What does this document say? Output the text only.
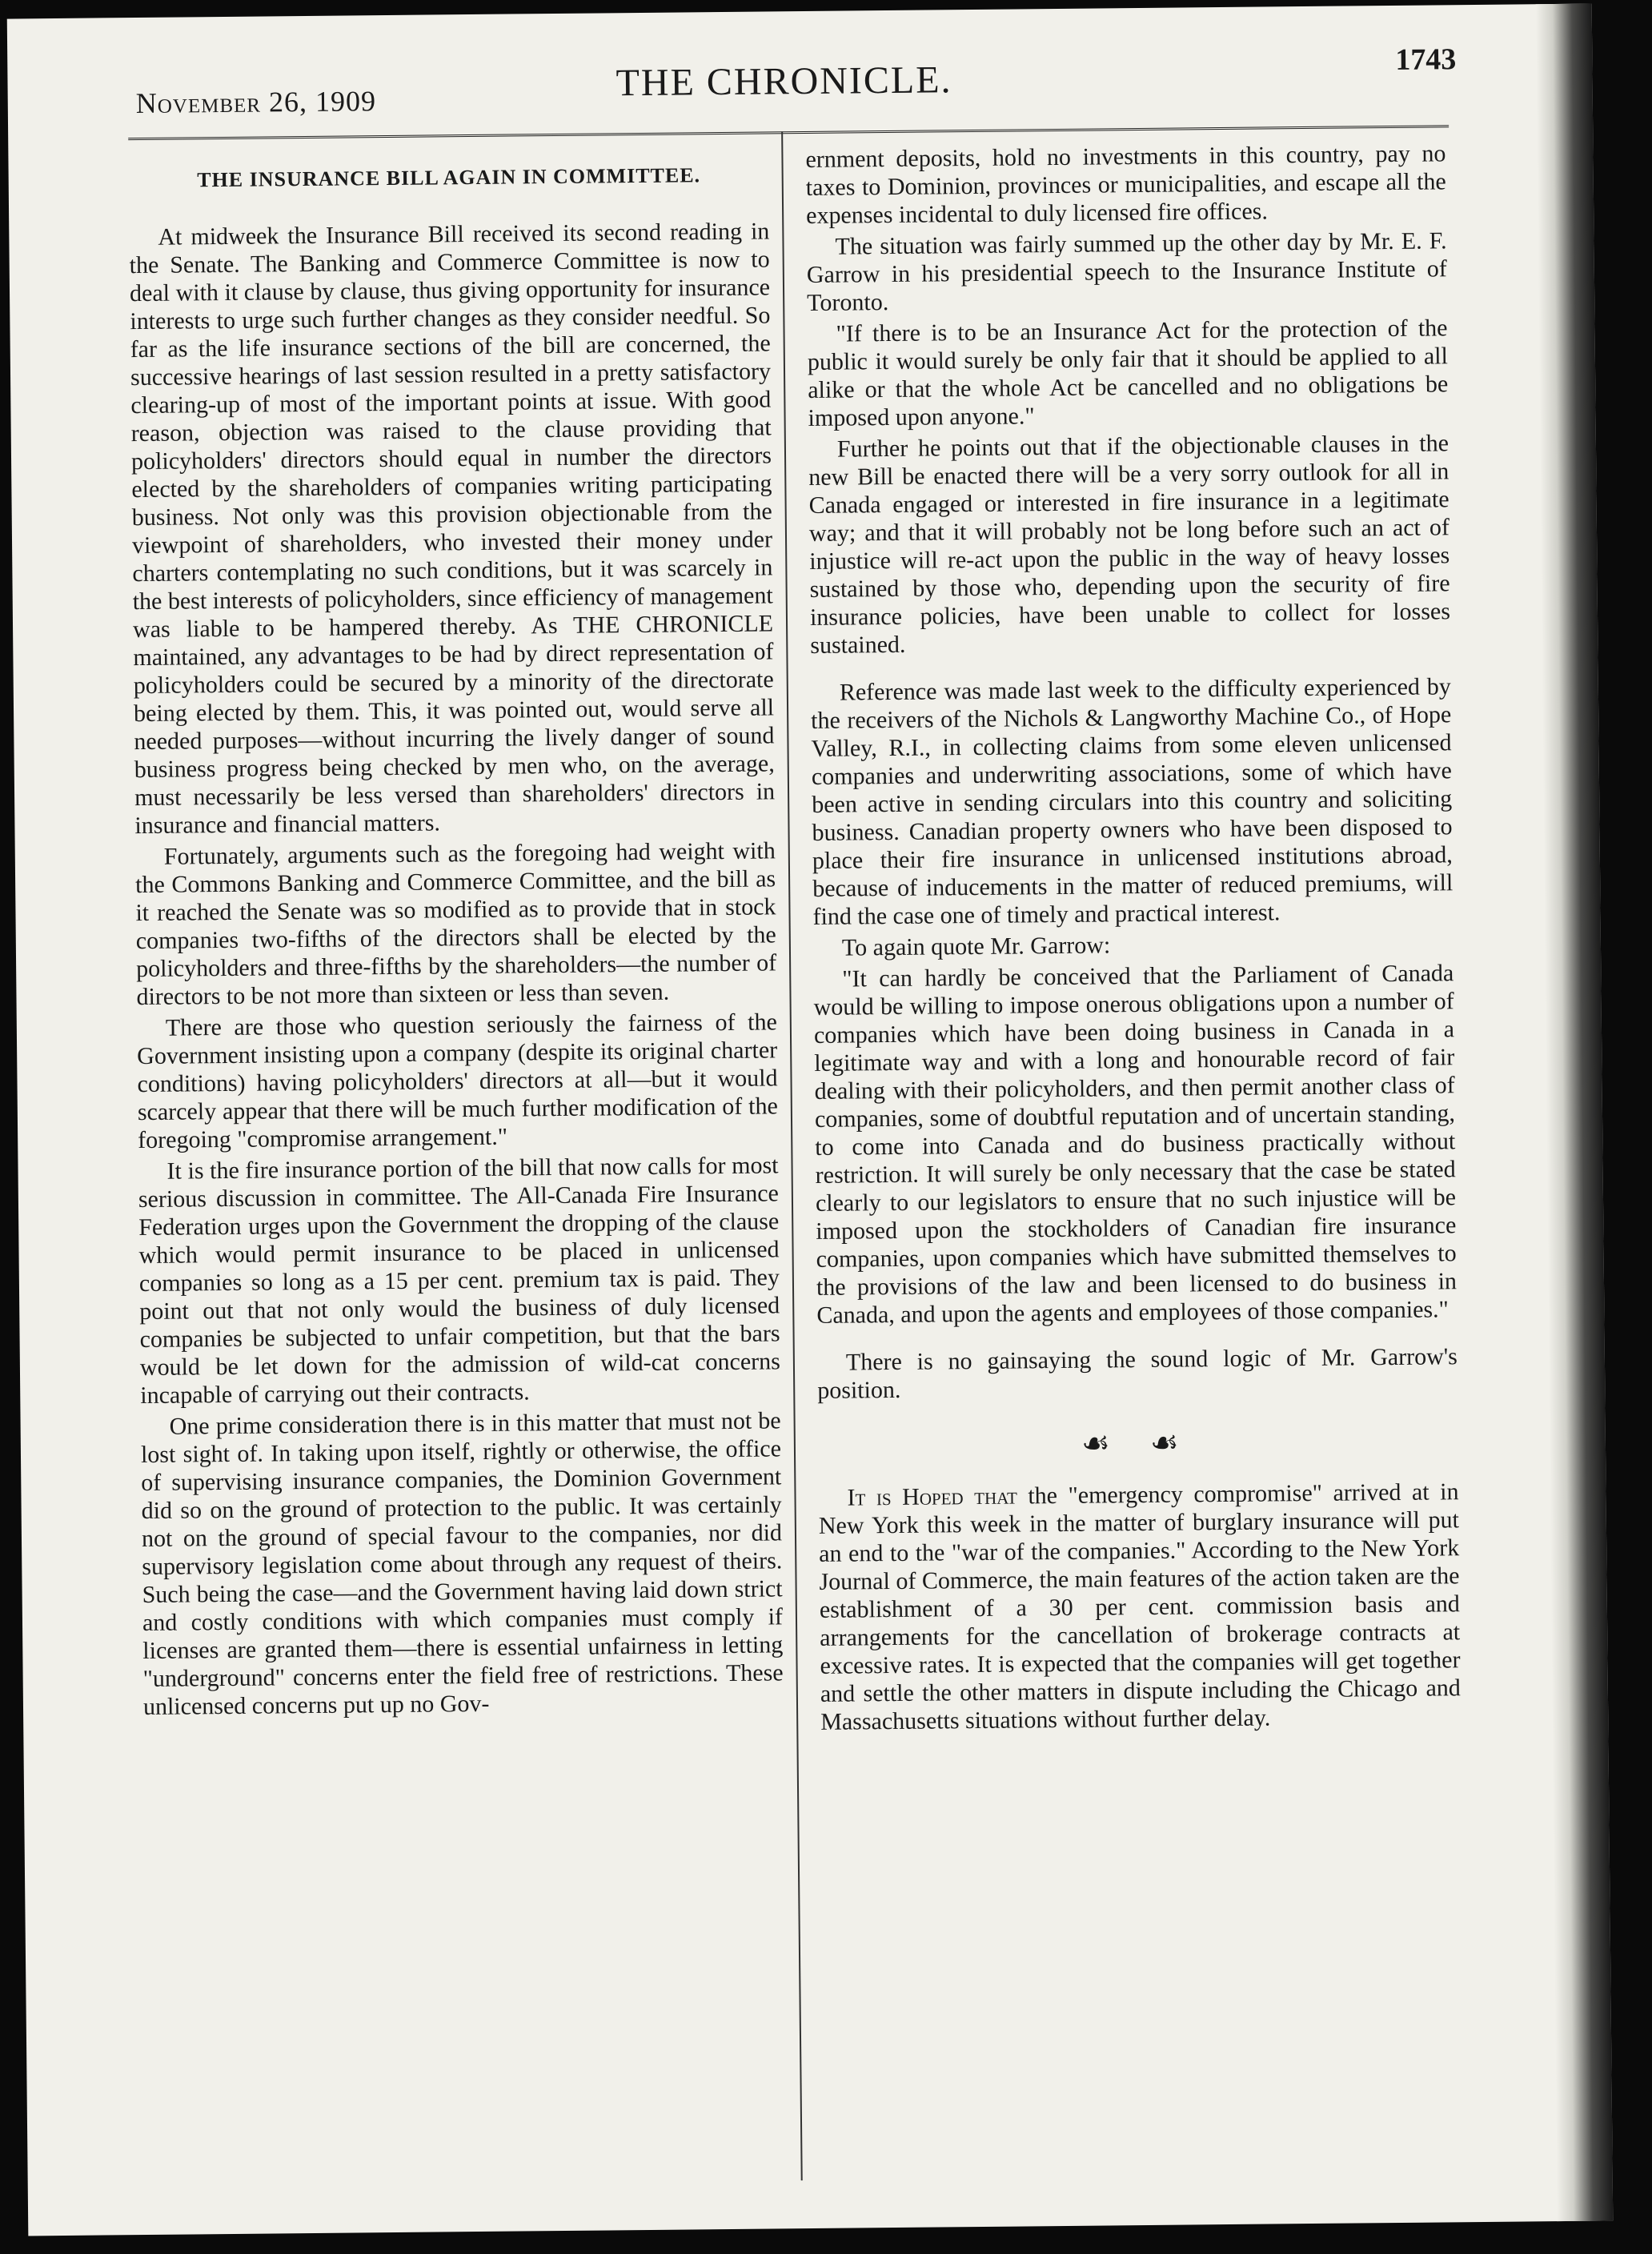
November 26, 1909	THE CHRONICLE.	1743
THE INSURANCE BILL AGAIN IN COMMITTEE.

At midweek the Insurance Bill received its second reading in the Senate. The Banking and Commerce Committee is now to deal with it clause by clause, thus giving opportunity for insurance interests to urge such further changes as they consider needful. So far as the life insurance sections of the bill are concerned, the successive hearings of last session resulted in a pretty satisfactory clearing-up of most of the important points at issue. With good reason, objection was raised to the clause providing that policyholders' directors should equal in number the directors elected by the shareholders of companies writing participating business. Not only was this provision objectionable from the viewpoint of shareholders, who invested their money under charters contemplating no such conditions, but it was scarcely in the best interests of policyholders, since efficiency of management was liable to be hampered thereby. As THE CHRONICLE maintained, any advantages to be had by direct representation of policyholders could be secured by a minority of the directorate being elected by them. This, it was pointed out, would serve all needed purposes—without incurring the lively danger of sound business progress being checked by men who, on the average, must necessarily be less versed than shareholders' directors in insurance and financial matters.

Fortunately, arguments such as the foregoing had weight with the Commons Banking and Commerce Committee, and the bill as it reached the Senate was so modified as to provide that in stock companies two-fifths of the directors shall be elected by the policyholders and three-fifths by the shareholders—the number of directors to be not more than sixteen or less than seven.

There are those who question seriously the fairness of the Government insisting upon a company (despite its original charter conditions) having policyholders' directors at all—but it would scarcely appear that there will be much further modification of the foregoing "compromise arrangement."

It is the fire insurance portion of the bill that now calls for most serious discussion in committee. The All-Canada Fire Insurance Federation urges upon the Government the dropping of the clause which would permit insurance to be placed in unlicensed companies so long as a 15 per cent. premium tax is paid. They point out that not only would the business of duly licensed companies be subjected to unfair competition, but that the bars would be let down for the admission of wild-cat concerns incapable of carrying out their contracts.

One prime consideration there is in this matter that must not be lost sight of. In taking upon itself, rightly or otherwise, the office of supervising insurance companies, the Dominion Government did so on the ground of protection to the public. It was certainly not on the ground of special favour to the companies, nor did supervisory legislation come about through any request of theirs. Such being the case—and the Government having laid down strict and costly conditions with which companies must comply if licenses are granted them—there is essential unfairness in letting "underground" concerns enter the field free of restrictions. These unlicensed concerns put up no Gov-

ernment deposits, hold no investments in this country, pay no taxes to Dominion, provinces or municipalities, and escape all the expenses incidental to duly licensed fire offices.

The situation was fairly summed up the other day by Mr. E. F. Garrow in his presidential speech to the Insurance Institute of Toronto.

"If there is to be an Insurance Act for the protection of the public it would surely be only fair that it should be applied to all alike or that the whole Act be cancelled and no obligations be imposed upon anyone."

Further he points out that if the objectionable clauses in the new Bill be enacted there will be a very sorry outlook for all in Canada engaged or interested in fire insurance in a legitimate way; and that it will probably not be long before such an act of injustice will re-act upon the public in the way of heavy losses sustained by those who, depending upon the security of fire insurance policies, have been unable to collect for losses sustained.

Reference was made last week to the difficulty experienced by the receivers of the Nichols & Langworthy Machine Co., of Hope Valley, R.I., in collecting claims from some eleven unlicensed companies and underwriting associations, some of which have been active in sending circulars into this country and soliciting business. Canadian property owners who have been disposed to place their fire insurance in unlicensed institutions abroad, because of inducements in the matter of reduced premiums, will find the case one of timely and practical interest.

To again quote Mr. Garrow:

"It can hardly be conceived that the Parliament of Canada would be willing to impose onerous obligations upon a number of companies which have been doing business in Canada in a legitimate way and with a long and honourable record of fair dealing with their policyholders, and then permit another class of companies, some of doubtful reputation and of uncertain standing, to come into Canada and do business practically without restriction. It will surely be only necessary that the case be stated clearly to our legislators to ensure that no such injustice will be imposed upon the stockholders of Canadian fire insurance companies, upon companies which have submitted themselves to the provisions of the law and been licensed to do business in Canada, and upon the agents and employees of those companies."

There is no gainsaying the sound logic of Mr. Garrow's position.

☙ ☙

It is Hoped that the "emergency compromise" arrived at in New York this week in the matter of burglary insurance will put an end to the "war of the companies." According to the New York Journal of Commerce, the main features of the action taken are the establishment of a 30 per cent. commission basis and arrangements for the cancellation of brokerage contracts at excessive rates. It is expected that the companies will get together and settle the other matters in dispute including the Chicago and Massachusetts situations without further delay.
